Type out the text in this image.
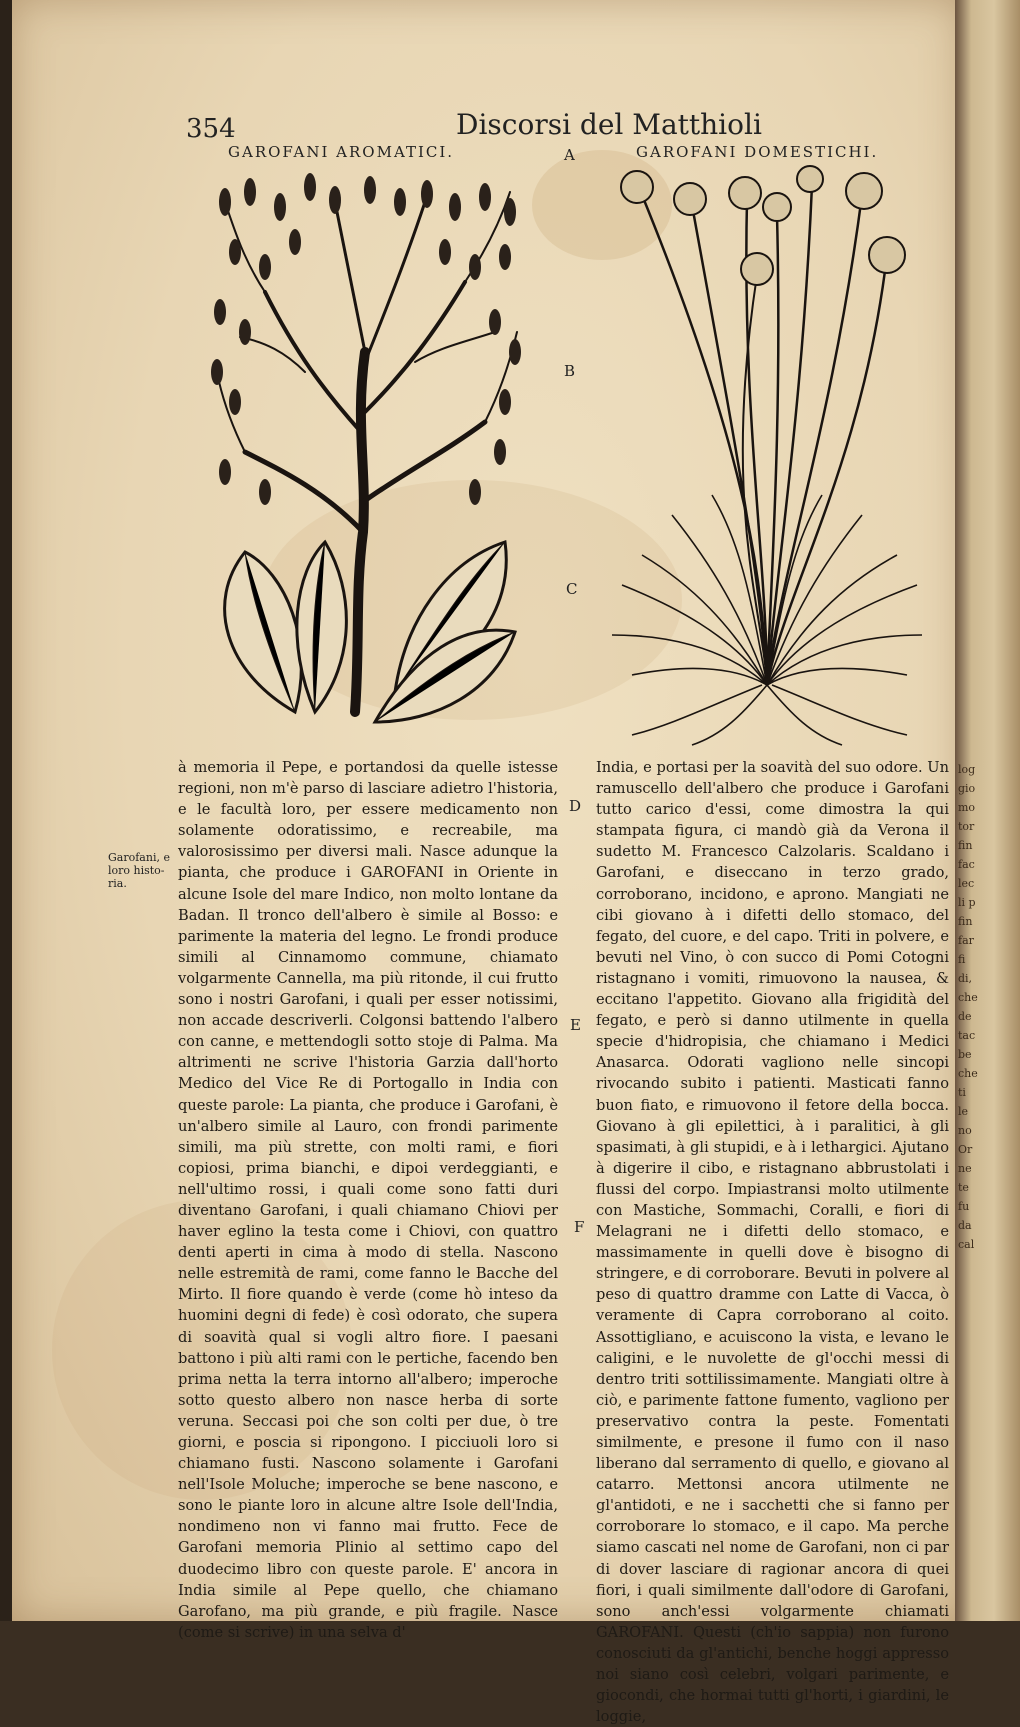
log
gio
mo
tor
fin
fac
lec
li p
fin
far
fi
di,
che
de
tac
be
che
ti
le
no
Or
ne
te
fu
da
cal
354	Discorsi del Matthioli
GAROFANI AROMATICI.	GAROFANI DOMESTICHI.
A
B
C
D
E
F
Garofani, e loro histo-ria.

à memoria il Pepe, e portandosi da quelle istesse regioni, non m'è parso di lasciare adietro l'historia, e le facultà loro, per essere medicamento non solamente odoratissimo, e recreabile, ma valorosissimo per diversi mali. Nasce adunque la pianta, che produce i GAROFANI in Oriente in alcune Isole del mare Indico, non molto lontane da Badan. Il tronco dell'albero è simile al Bosso: e parimente la materia del legno. Le frondi produce simili al Cinnamomo commune, chiamato volgarmente Cannella, ma più ritonde, il cui frutto sono i nostri Garofani, i quali per esser notissimi, non accade descriverli. Colgonsi battendo l'albero con canne, e mettendogli sotto stoje di Palma. Ma altrimenti ne scrive l'historia Garzia dall'horto Medico del Vice Re di Portogallo in India con queste parole: La pianta, che produce i Garofani, è un'albero simile al Lauro, con frondi parimente simili, ma più strette, con molti rami, e fiori copiosi, prima bianchi, e dipoi verdeggianti, e nell'ultimo rossi, i quali come sono fatti duri diventano Garofani, i quali chiamano Chiovi per haver eglino la testa come i Chiovi, con quattro denti aperti in cima à modo di stella. Nascono nelle estremità de rami, come fanno le Bacche del Mirto. Il fiore quando è verde (come hò inteso da huomini degni di fede) è così odorato, che supera di soavità qual si vogli altro fiore. I paesani battono i più alti rami con le pertiche, facendo ben prima netta la terra intorno all'albero; imperoche sotto questo albero non nasce herba di sorte veruna. Seccasi poi che son colti per due, ò tre giorni, e poscia si ripongono. I picciuoli loro si chiamano fusti. Nascono solamente i Garofani nell'Isole Moluche; imperoche se bene nascono, e sono le piante loro in alcune altre Isole dell'India, nondimeno non vi fanno mai frutto. Fece de Garofani memoria Plinio al settimo capo del duodecimo libro con queste parole. E' ancora in India simile al Pepe quello, che chiamano Garofano, ma più grande, e più fragile. Nasce (come si scrive) in una selva d'

India, e portasi per la soavità del suo odore. Un ramuscello dell'albero che produce i Garofani tutto carico d'essi, come dimostra la qui stampata figura, ci mandò già da Verona il sudetto M. Francesco Calzolaris. Scaldano i Garofani, e diseccano in terzo grado, corroborano, incidono, e aprono. Mangiati ne cibi giovano à i difetti dello stomaco, del fegato, del cuore, e del capo. Triti in polvere, e bevuti nel Vino, ò con succo di Pomi Cotogni ristagnano i vomiti, rimuovono la nausea, & eccitano l'appetito. Giovano alla frigidità del fegato, e però si danno utilmente in quella specie d'hidropisia, che chiamano i Medici Anasarca. Odorati vagliono nelle sincopi rivocando subito i patienti. Masticati fanno buon fiato, e rimuovono il fetore della bocca. Giovano à gli epilettici, à i paralitici, à gli spasimati, à gli stupidi, e à i lethargici. Ajutano à digerire il cibo, e ristagnano abbrustolati i flussi del corpo. Impiastransi molto utilmente con Mastiche, Sommachi, Coralli, e fiori di Melagrani ne i difetti dello stomaco, e massimamente in quelli dove è bisogno di stringere, e di corroborare. Bevuti in polvere al peso di quattro dramme con Latte di Vacca, ò veramente di Capra corroborano al coito. Assottigliano, e acuiscono la vista, e levano le caligini, e le nuvolette de gl'occhi messi di dentro triti sottilissimamente. Mangiati oltre à ciò, e parimente fattone fumento, vagliono per preservativo contra la peste. Fomentati similmente, e presone il fumo con il naso liberano dal serramento di quello, e giovano al catarro. Mettonsi ancora utilmente ne gl'antidoti, e ne i sacchetti che si fanno per corroborare lo stomaco, e il capo. Ma perche siamo cascati nel nome de Garofani, non ci par di dover lasciare di ragionar ancora di quei fiori, i quali similmente dall'odore di Garofani, sono anch'essi volgarmente chiamati GAROFANI. Questi (ch'io sappia) non furono conosciuti da gl'antichi, benche hoggi appresso noi siano così celebri, volgari parimente, e giocondi, che hormai tutti gl'horti, i giardini, le loggie,
